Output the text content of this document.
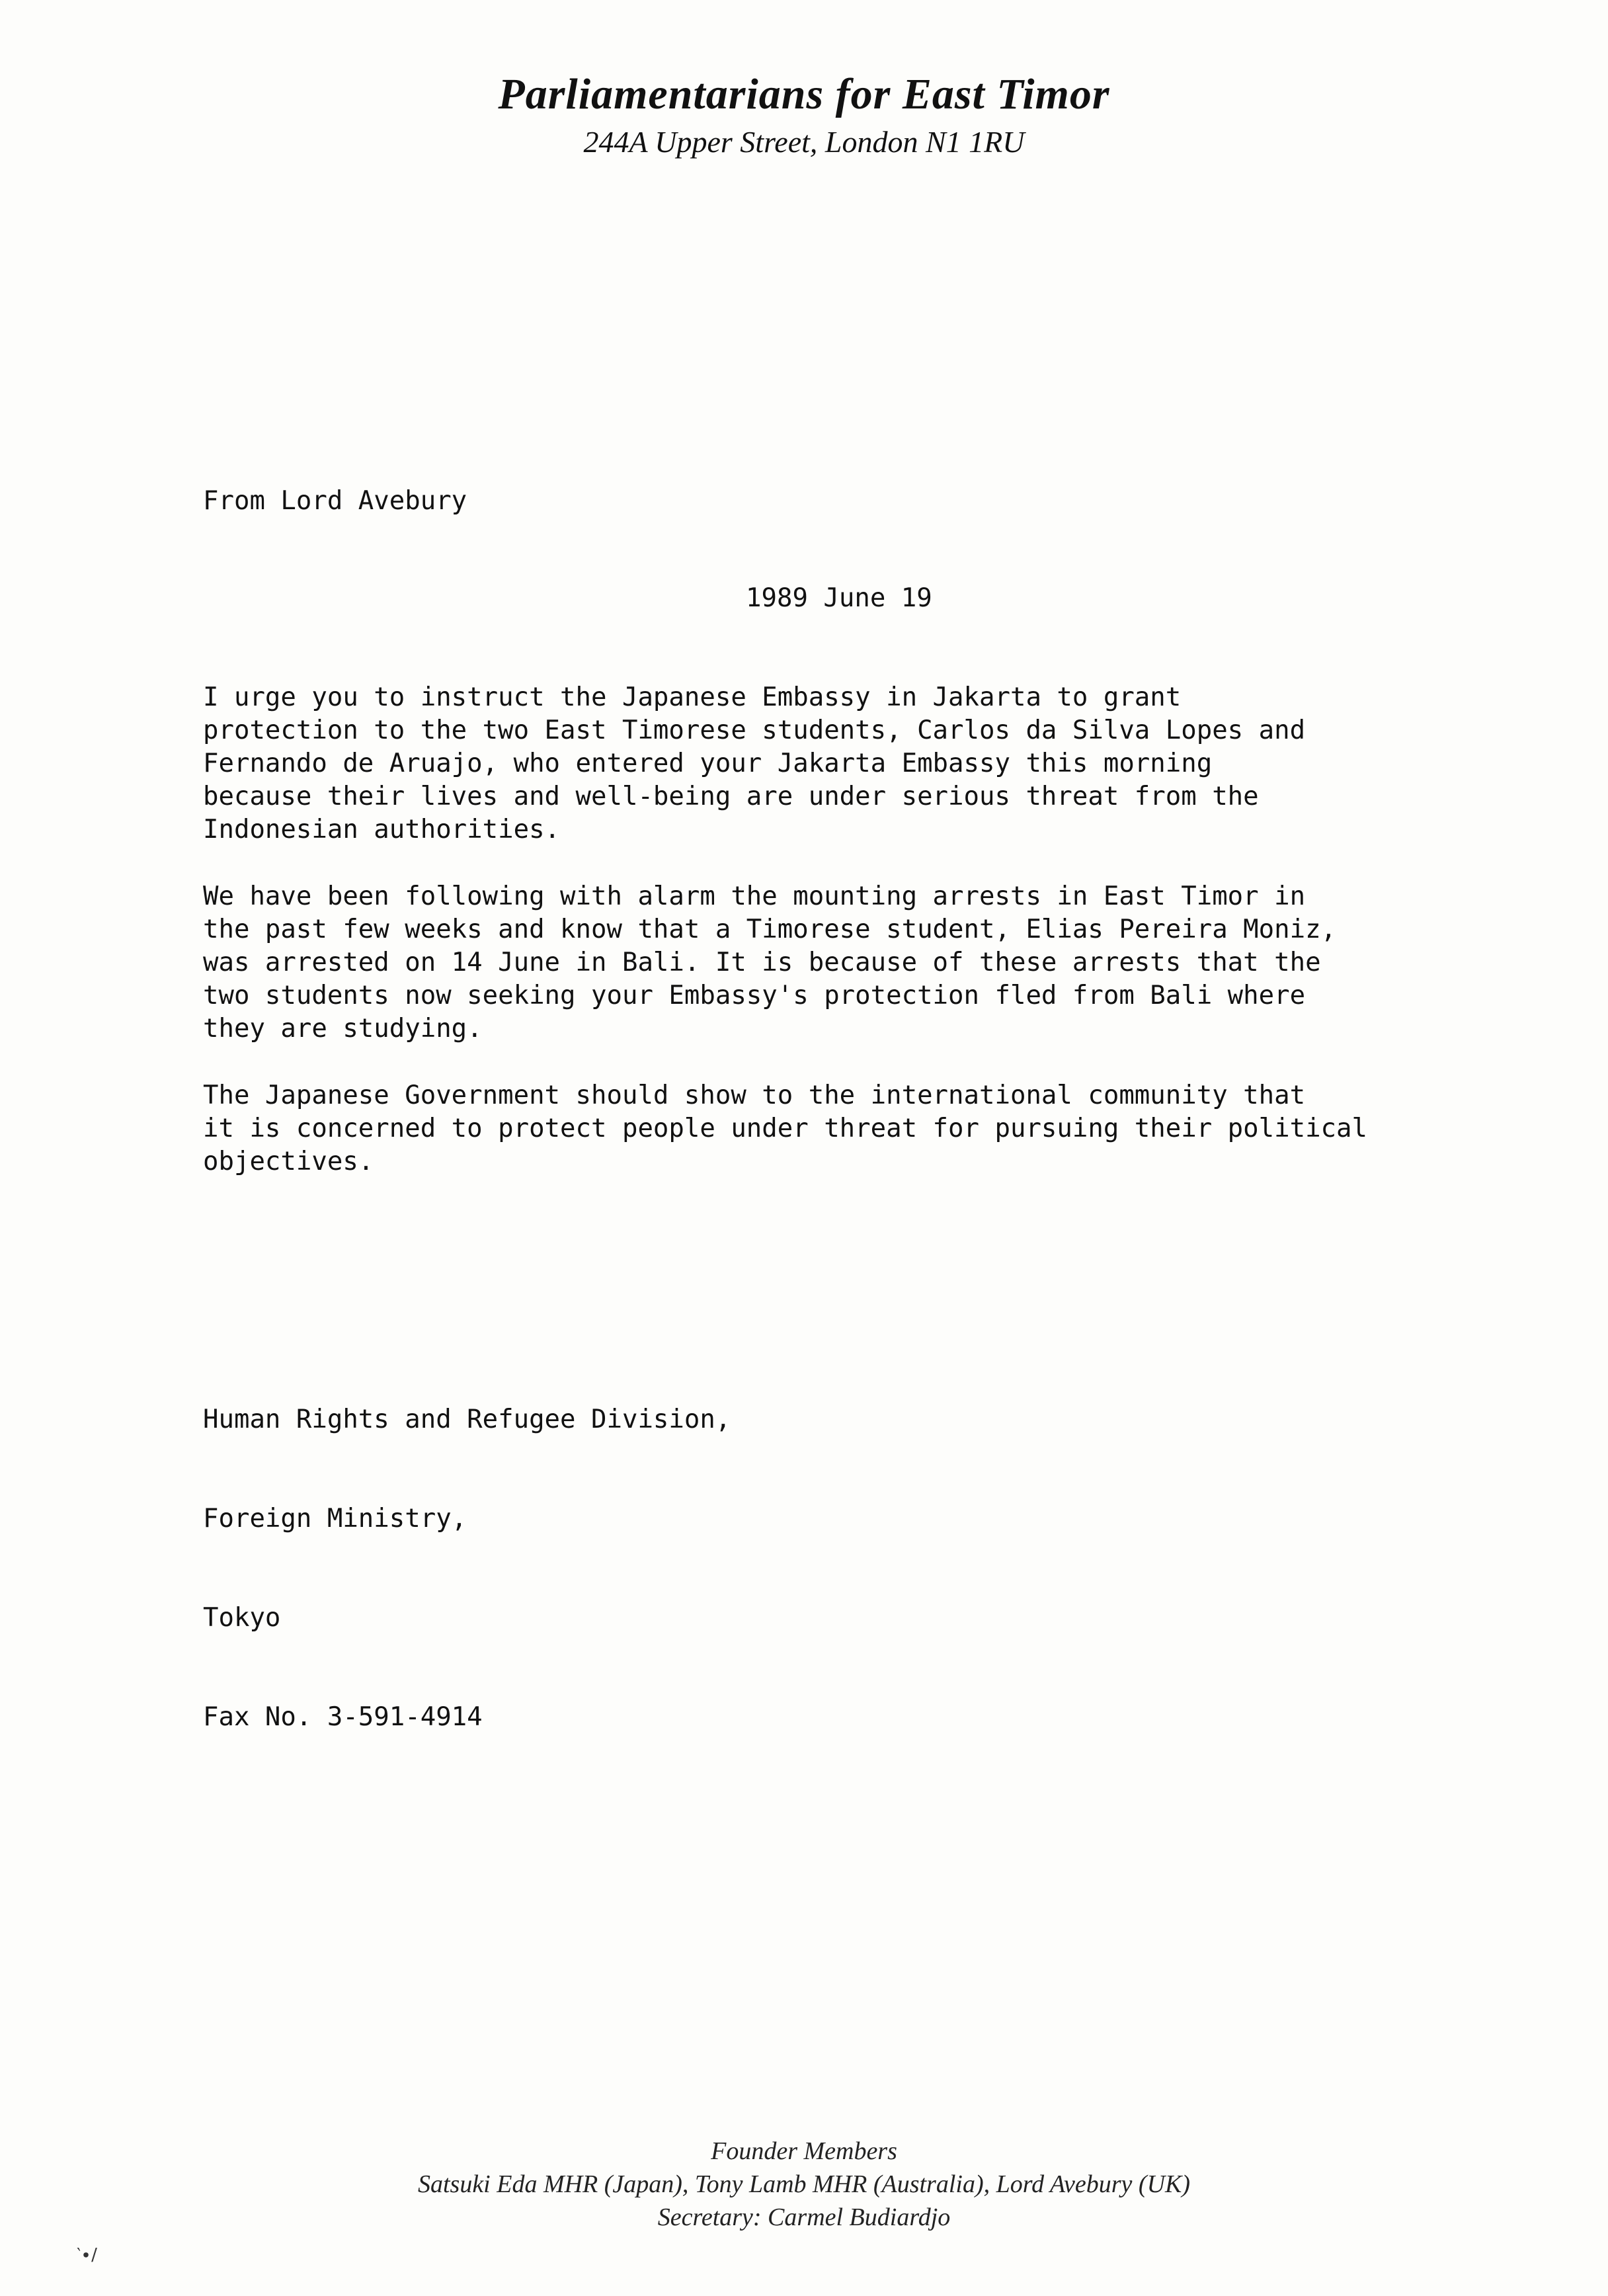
Parliamentarians for East Timor
244A Upper Street, London N1 1RU
From Lord Avebury
1989 June 19

I urge you to instruct the Japanese Embassy in Jakarta to grant
protection to the two East Timorese students, Carlos da Silva Lopes and
Fernando de Aruajo, who entered your Jakarta Embassy this morning
because their lives and well-being are under serious threat from the
Indonesian authorities.

We have been following with alarm the mounting arrests in East Timor in
the past few weeks and know that a Timorese student, Elias Pereira Moniz,
was arrested on 14 June in Bali. It is because of these arrests that the
two students now seeking your Embassy's protection fled from Bali where
they are studying.

The Japanese Government should show to the international community that
it is concerned to protect people under threat for pursuing their political
objectives.

Human Rights and Refugee Division,

Foreign Ministry,

Tokyo

Fax No. 3-591-4914

Founder Members
Satsuki Eda MHR (Japan), Tony Lamb MHR (Australia), Lord Avebury (UK)
Secretary: Carmel Budiardjo
‵∙∕
